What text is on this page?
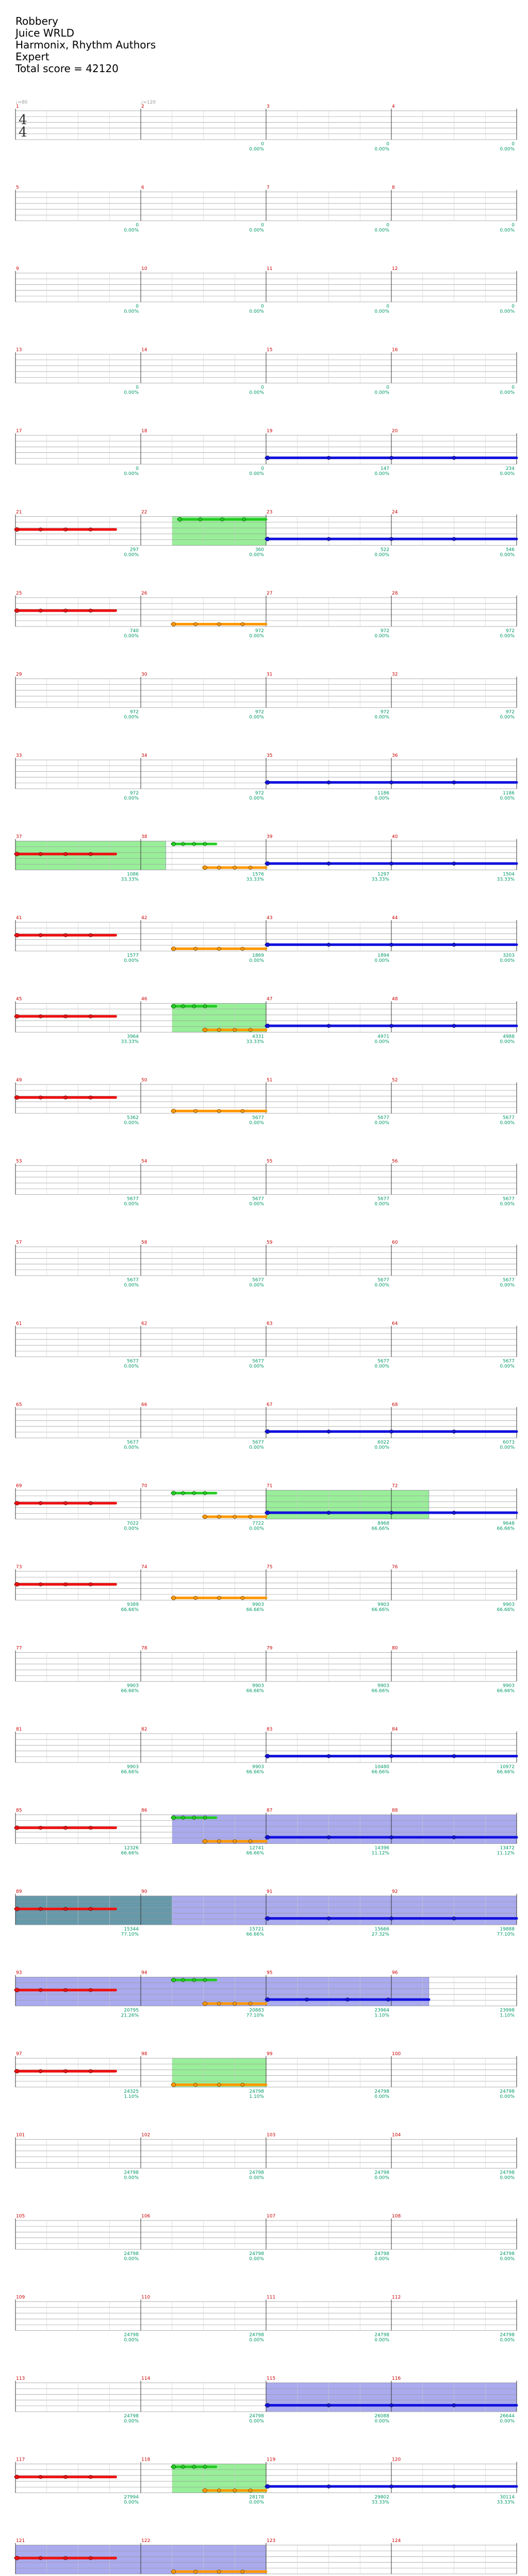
Robbery
Juice WRLD
Harmonix, Rhythm Authors
Expert
Total score = 42120
♩=80	♩=120
4
4
1	2
0
0.00%
3
0
0.00%
4
0
0.00%
5
0
0.00%
6
0
0.00%
7
0
0.00%
8
0
0.00%
9
0
0.00%
10
0
0.00%
11
0
0.00%
12
0
0.00%
13
0
0.00%
14
0
0.00%
15
0
0.00%
16
0
0.00%
17
0
0.00%
18
0
0.00%
19
147
0.00%
20
234
0.00%
21
297
0.00%
22
360
0.00%
23
522
0.00%
24
546
0.00%
25
740
0.00%
26
972
0.00%
27
972
0.00%
28
972
0.00%
29
972
0.00%
30
972
0.00%
31
972
0.00%
32
972
0.00%
33
972
0.00%
34
972
0.00%
35
1186
0.00%
36
1186
0.00%
37
1086
33.33%
38
1576
33.33%
39
1297
33.33%
40
1504
33.33%
41
1577
0.00%
42
1869
0.00%
43
1894
0.00%
44
3203
0.00%
45
3964
33.33%
46
4331
33.33%
47
4971
0.00%
48
4988
0.00%
49
5362
0.00%
50
5677
0.00%
51
5677
0.00%
52
5677
0.00%
53
5677
0.00%
54
5677
0.00%
55
5677
0.00%
56
5677
0.00%
57
5677
0.00%
58
5677
0.00%
59
5677
0.00%
60
5677
0.00%
61
5677
0.00%
62
5677
0.00%
63
5677
0.00%
64
5677
0.00%
65
5677
0.00%
66
5677
0.00%
67
6022
0.00%
68
6073
0.00%
69
7022
0.00%
70
7722
0.00%
71
8968
66.66%
72
9648
66.66%
73
9389
66.66%
74
9903
66.66%
75
9903
66.66%
76
9903
66.66%
77
9903
66.66%
78
9903
66.66%
79
9903
66.66%
80
9903
66.66%
81
9903
66.66%
82
9903
66.66%
83
10480
66.66%
84
10972
66.66%
85
12326
66.66%
86
12741
66.66%
87
14396
11.12%
88
13472
11.12%
89
15344
77.10%
90
15721
66.66%
91
15666
27.32%
92
19888
77.10%
93
20795
21.26%
94
20883
77.10%
95
23964
1.10%
96
23998
1.10%
97
24325
1.10%
98
24798
1.10%
99
24798
0.00%
100
24798
0.00%
101
24798
0.00%
102
24798
0.00%
103
24798
0.00%
104
24798
0.00%
105
24798
0.00%
106
24798
0.00%
107
24798
0.00%
108
24798
0.00%
109
24798
0.00%
110
24798
0.00%
111
24798
0.00%
112
24798
0.00%
113
24798
0.00%
114
24798
0.00%
115
26088
0.00%
116
26644
0.00%
117
27994
0.00%
118
28178
0.00%
119
29802
33.33%
120
30114
33.33%
121	122	123	124
